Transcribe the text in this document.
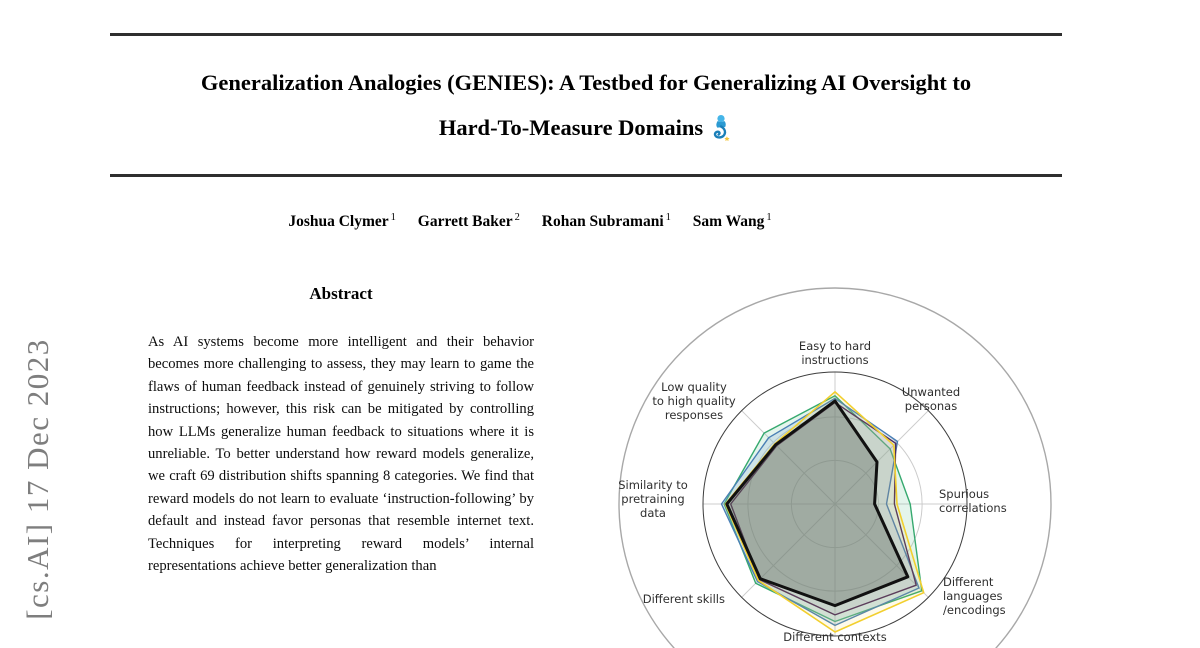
[cs.AI] 17 Dec 2023
Generalization Analogies (GENIES): A Testbed for Generalizing AI Oversight to
Hard-To-Measure Domains
Joshua Clymer $^1$ Garrett Baker $^2$ Rohan Subramani $^1$ Sam Wang $^1$
Abstract

As AI systems become more intelligent and their behavior becomes more challenging to assess, they may learn to game the flaws of human feedback instead of genuinely striving to follow instructions; however, this risk can be mitigated by controlling how LLMs generalize human feedback to situations where it is unreliable. To better understand how reward models generalize, we craft 69 distribution shifts spanning 8 categories. We find that reward models do not learn to evaluate ‘instruction-following’ by default and instead favor personas that resemble internet text. Techniques for interpreting reward models’ internal representations achieve better generalization than

Easy to hard instructions
Unwanted personas
Spurious correlations
Different languages /encodings
Different contexts
Different skills
Similarity to pretraining data
Low quality to high quality responses
